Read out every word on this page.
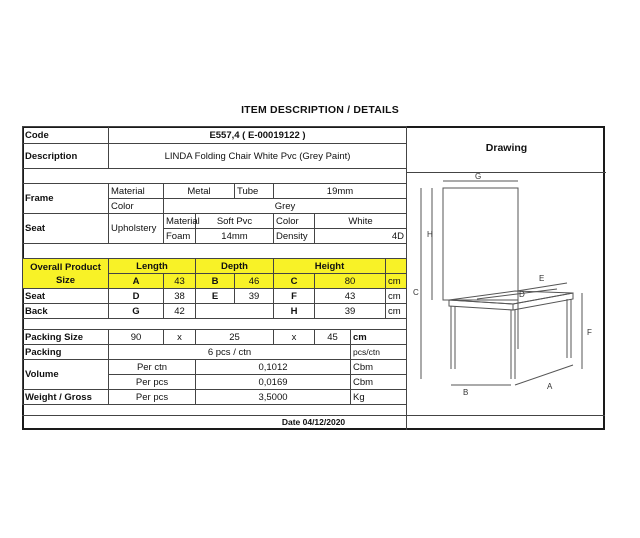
ITEM DESCRIPTION / DETAILS
Code	E557,4 ( E-00019122 )							
Description	LINDA Folding Chair White Pvc (Grey Paint)							

Frame	Material	Metal		Tube	19mm			
	Color	Grey						
Seat	Upholstery	Material	Soft Pvc		Color	White		
		Foam	14mm		Density	4D		

Overall Product Size	Length		Depth		Height			
	A	43	B	46	C	80		cm
Seat	D	38	E	39	F	43		cm
Back	G	42			H	39		cm

Packing Size	90	x	25		x	45	cm	
Packing	6 pcs / ctn						pcs/ctn	
Volume	Per ctn		0,1012				Cbm	
	Per pcs		0,0169				Cbm	
Weight / Gross	Per pcs		3,5000				Kg	
Date 04/12/2020
Drawing
G
H
E
D
C
F
B
A
